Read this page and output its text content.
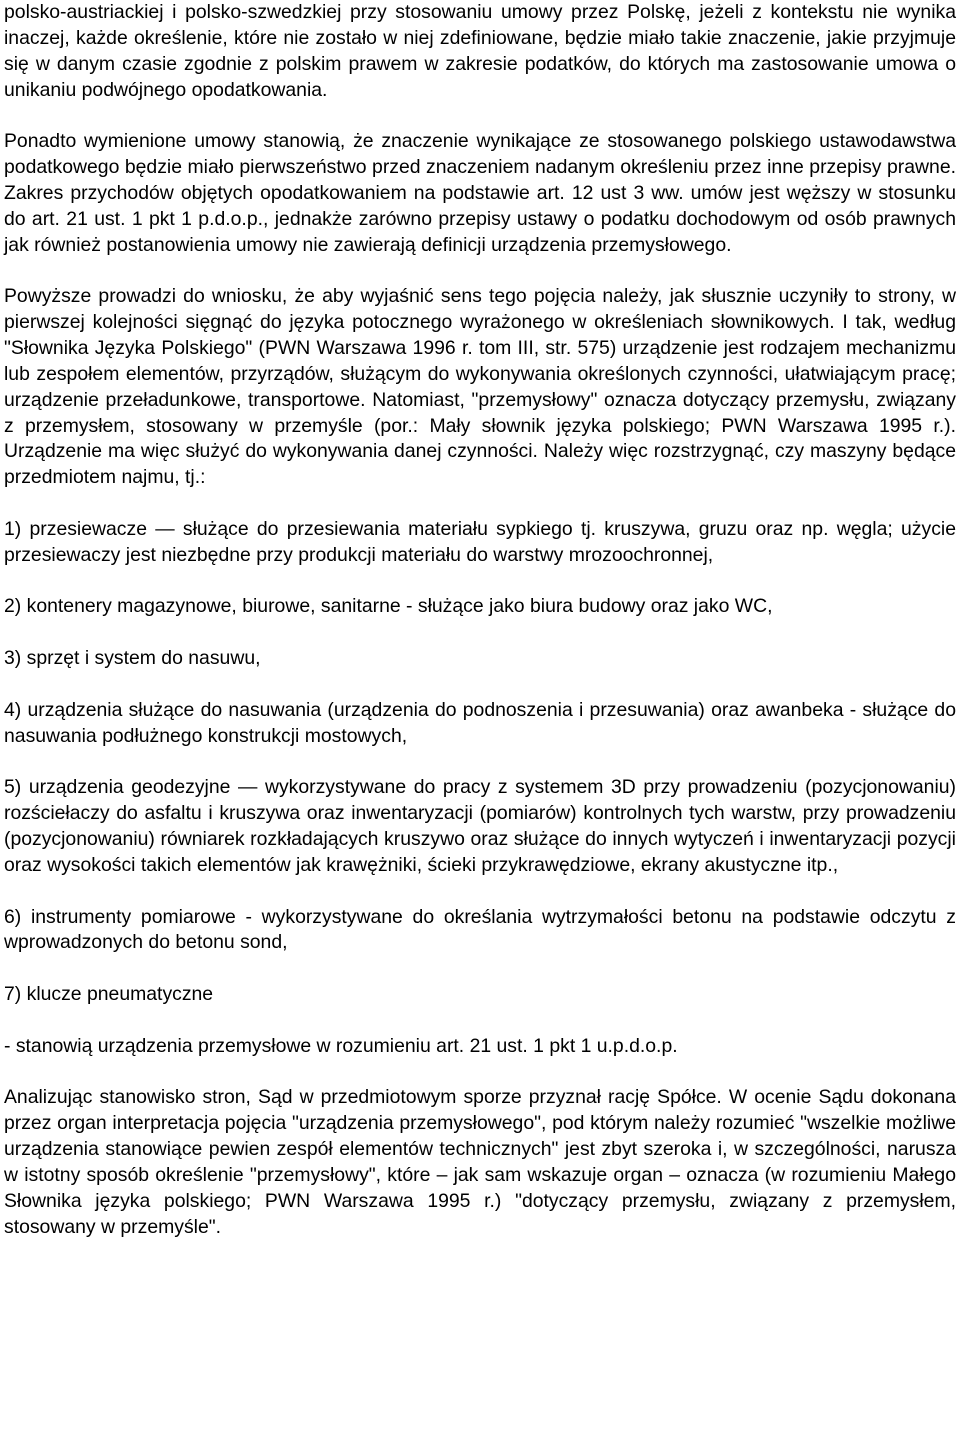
polsko-austriackiej i polsko-szwedzkiej przy stosowaniu umowy przez Polskę, jeżeli z kontekstu nie wynika inaczej, każde określenie, które nie zostało w niej zdefiniowane, będzie miało takie znaczenie, jakie przyjmuje się w danym czasie zgodnie z polskim prawem w zakresie podatków, do których ma zastosowanie umowa o unikaniu podwójnego opodatkowania.

Ponadto wymienione umowy stanowią, że znaczenie wynikające ze stosowanego polskiego ustawodawstwa podatkowego będzie miało pierwszeństwo przed znaczeniem nadanym określeniu przez inne przepisy prawne. Zakres przychodów objętych opodatkowaniem na podstawie art. 12 ust 3 ww. umów jest węższy w stosunku do art. 21 ust. 1 pkt 1 p.d.o.p., jednakże zarówno przepisy ustawy o podatku dochodowym od osób prawnych jak również postanowienia umowy nie zawierają definicji urządzenia przemysłowego.

Powyższe prowadzi do wniosku, że aby wyjaśnić sens tego pojęcia należy, jak słusznie uczyniły to strony, w pierwszej kolejności sięgnąć do języka potocznego wyrażonego w określeniach słownikowych. I tak, według "Słownika Języka Polskiego" (PWN Warszawa 1996 r. tom III, str. 575) urządzenie jest rodzajem mechanizmu lub zespołem elementów, przyrządów, służącym do wykonywania określonych czynności, ułatwiającym pracę; urządzenie przeładunkowe, transportowe. Natomiast, "przemysłowy" oznacza dotyczący przemysłu, związany z przemysłem, stosowany w przemyśle (por.: Mały słownik języka polskiego; PWN Warszawa 1995 r.). Urządzenie ma więc służyć do wykonywania danej czynności. Należy więc rozstrzygnąć, czy maszyny będące przedmiotem najmu, tj.:

1) przesiewacze — służące do przesiewania materiału sypkiego tj. kruszywa, gruzu oraz np. węgla; użycie przesiewaczy jest niezbędne przy produkcji materiału do warstwy mrozoochronnej,

2) kontenery magazynowe, biurowe, sanitarne - służące jako biura budowy oraz jako WC,

3) sprzęt i system do nasuwu,

4) urządzenia służące do nasuwania (urządzenia do podnoszenia i przesuwania) oraz awanbeka - służące do nasuwania podłużnego konstrukcji mostowych,

5) urządzenia geodezyjne — wykorzystywane do pracy z systemem 3D przy prowadzeniu (pozycjonowaniu) rozściełaczy do asfaltu i kruszywa oraz inwentaryzacji (pomiarów) kontrolnych tych warstw, przy prowadzeniu (pozycjonowaniu) równiarek rozkładających kruszywo oraz służące do innych wytyczeń i inwentaryzacji pozycji oraz wysokości takich elementów jak krawężniki, ścieki przykrawędziowe, ekrany akustyczne itp.,

6) instrumenty pomiarowe - wykorzystywane do określania wytrzymałości betonu na podstawie odczytu z wprowadzonych do betonu sond,

7) klucze pneumatyczne

- stanowią urządzenia przemysłowe w rozumieniu art. 21 ust. 1 pkt 1 u.p.d.o.p.

Analizując stanowisko stron, Sąd w przedmiotowym sporze przyznał rację Spółce. W ocenie Sądu dokonana przez organ interpretacja pojęcia "urządzenia przemysłowego", pod którym należy rozumieć "wszelkie możliwe urządzenia stanowiące pewien zespół elementów technicznych" jest zbyt szeroka i, w szczególności, narusza w istotny sposób określenie "przemysłowy", które – jak sam wskazuje organ – oznacza (w rozumieniu Małego Słownika języka polskiego; PWN Warszawa 1995 r.) "dotyczący przemysłu, związany z przemysłem, stosowany w przemyśle".
